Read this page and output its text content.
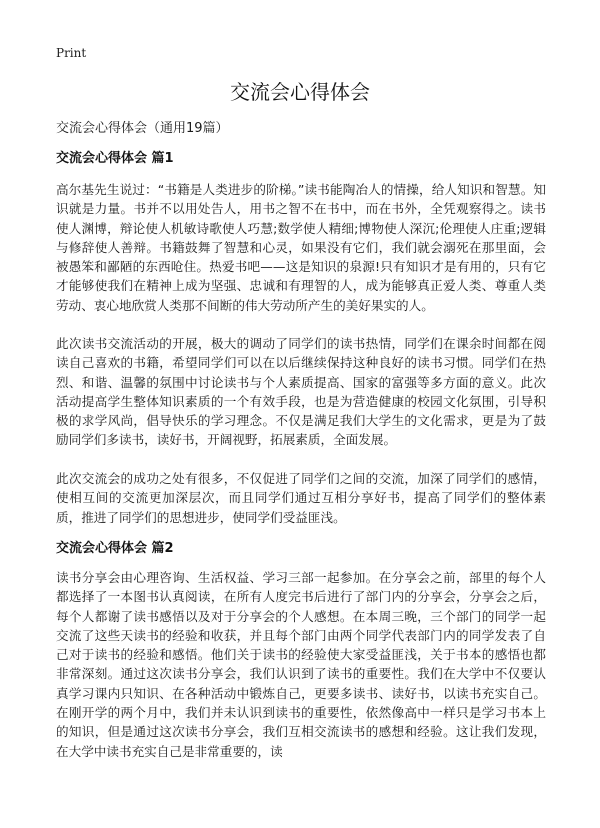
Print
交流会心得体会
交流会心得体会（通用19篇）
交流会心得体会 篇1

高尔基先生说过：“书籍是人类进步的阶梯。”读书能陶冶人的情操，给人知识和智慧。知识就是力量。书并不以用处告人，用书之智不在书中，而在书外，全凭观察得之。读书使人渊博，辩论使人机敏诗歌使人巧慧;数学使人精细;博物使人深沉;伦理使人庄重;逻辑与修辞使人善辩。书籍鼓舞了智慧和心灵，如果没有它们，我们就会溺死在那里面，会被愚笨和鄙陋的东西呛住。热爱书吧——这是知识的泉源!只有知识才是有用的，只有它才能够使我们在精神上成为坚强、忠诚和有理智的人，成为能够真正爱人类、尊重人类劳动、衷心地欣赏人类那不间断的伟大劳动所产生的美好果实的人。

此次读书交流活动的开展，极大的调动了同学们的读书热情，同学们在课余时间都在阅读自己喜欢的书籍，希望同学们可以在以后继续保持这种良好的读书习惯。同学们在热烈、和谐、温馨的氛围中讨论读书与个人素质提高、国家的富强等多方面的意义。此次活动提高学生整体知识素质的一个有效手段，也是为营造健康的校园文化氛围，引导积极的求学风尚，倡导快乐的学习理念。不仅是满足我们大学生的文化需求，更是为了鼓励同学们多读书，读好书，开阔视野，拓展素质，全面发展。

此次交流会的成功之处有很多，不仅促进了同学们之间的交流，加深了同学们的感情，使相互间的交流更加深层次，而且同学们通过互相分享好书，提高了同学们的整体素质，推进了同学们的思想进步，使同学们受益匪浅。

交流会心得体会 篇2

读书分享会由心理咨询、生活权益、学习三部一起参加。在分享会之前，部里的每个人都选择了一本图书认真阅读，在所有人度完书后进行了部门内的分享会，分享会之后，每个人都谢了读书感悟以及对于分享会的个人感想。在本周三晚，三个部门的同学一起交流了这些天读书的经验和收获，并且每个部门由两个同学代表部门内的同学发表了自己对于读书的经验和感悟。他们关于读书的经验使大家受益匪浅，关于书本的感悟也都非常深刻。通过这次读书分享会，我们认识到了读书的重要性。我们在大学中不仅要认真学习课内只知识、在各种活动中锻炼自己，更要多读书、读好书，以读书充实自己。在刚开学的两个月中，我们并未认识到读书的重要性，依然像高中一样只是学习书本上的知识，但是通过这次读书分享会，我们互相交流读书的感想和经验。这让我们发现，在大学中读书充实自己是非常重要的，读
